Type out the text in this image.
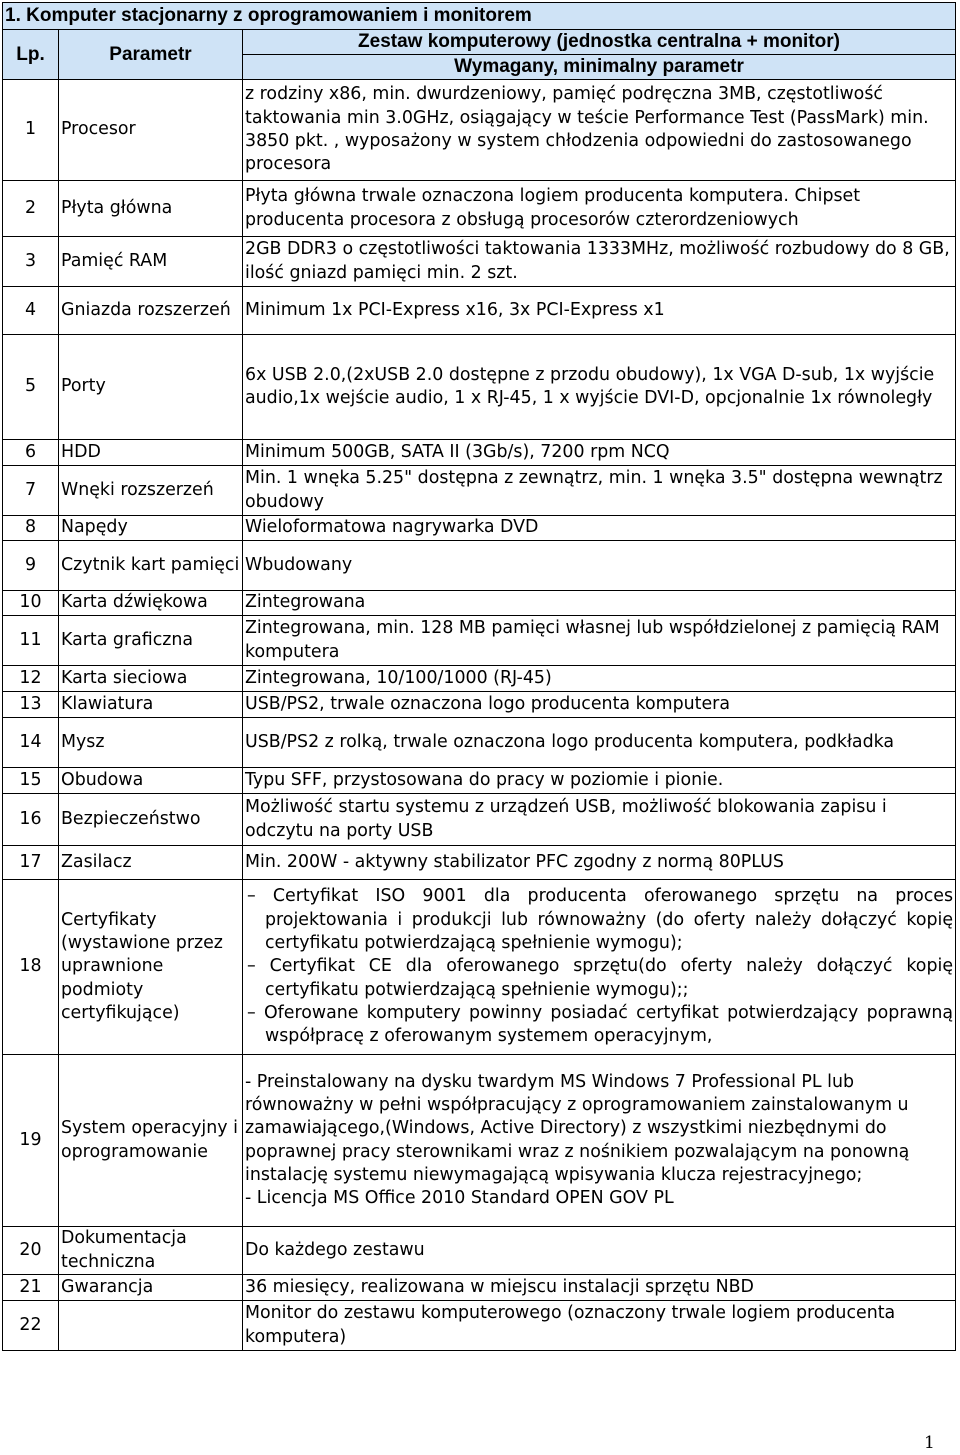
1. Komputer stacjonarny z oprogramowaniem i monitorem		
Lp.	Parametr	Zestaw komputerowy (jednostka centralna + monitor)
		Wymagany, minimalny parametr
1	Procesor	z rodziny x86, min. dwurdzeniowy, pamięć podręczna 3MB, częstotliwość taktowania min 3.0GHz, osiągający w teście Performance Test (PassMark) min. 3850 pkt. , wyposażony w system chłodzenia odpowiedni do zastosowanego procesora
2	Płyta główna	Płyta główna trwale oznaczona logiem producenta komputera. Chipset producenta procesora z obsługą procesorów czterordzeniowych
3	Pamięć RAM	2GB DDR3 o częstotliwości taktowania 1333MHz, możliwość rozbudowy do 8 GB, ilość gniazd pamięci min. 2 szt.
4	Gniazda rozszerzeń	Minimum 1x PCI-Express x16, 3x PCI-Express x1
5	Porty	6x USB 2.0,(2xUSB 2.0 dostępne z przodu obudowy), 1x VGA D-sub, 1x wyjście audio,1x wejście audio, 1 x RJ-45, 1 x wyjście DVI-D, opcjonalnie 1x równoległy
6	HDD	Minimum 500GB, SATA II (3Gb/s), 7200 rpm NCQ
7	Wnęki rozszerzeń	Min. 1 wnęka 5.25" dostępna z zewnątrz, min. 1 wnęka 3.5" dostępna wewnątrz obudowy
8	Napędy	Wieloformatowa nagrywarka DVD
9	Czytnik kart pamięci	Wbudowany
10	Karta dźwiękowa	Zintegrowana
11	Karta graficzna	Zintegrowana, min. 128 MB pamięci własnej lub współdzielonej z pamięcią RAM komputera
12	Karta sieciowa	Zintegrowana, 10/100/1000 (RJ-45)
13	Klawiatura	USB/PS2, trwale oznaczona logo producenta komputera
14	Mysz	USB/PS2 z rolką, trwale oznaczona logo producenta komputera, podkładka
15	Obudowa	Typu SFF, przystosowana do pracy w poziomie i pionie.
16	Bezpieczeństwo	Możliwość startu systemu z urządzeń USB, możliwość blokowania zapisu i odczytu na porty USB
17	Zasilacz	Min. 200W - aktywny stabilizator PFC zgodny z normą 80PLUS
18	Certyfikaty (wystawione przez uprawnione podmioty certyfikujące)	– Certyfikat ISO 9001 dla producenta oferowanego sprzętu na proces projektowania i produkcji lub równoważny (do oferty należy dołączyć kopię certyfikatu potwierdzającą spełnienie wymogu);
– Certyfikat CE dla oferowanego sprzętu(do oferty należy dołączyć kopię certyfikatu potwierdzającą spełnienie wymogu);;
– Oferowane komputery powinny posiadać certyfikat potwierdzający poprawną współpracę z oferowanym systemem operacyjnym,

19	System operacyjny i oprogramowanie	- Preinstalowany na dysku twardym MS Windows 7 Professional PL lub równoważny w pełni współpracujący z oprogramowaniem zainstalowanym u zamawiającego,(Windows, Active Directory) z wszystkimi niezbędnymi do poprawnej pracy sterownikami wraz z nośnikiem pozwalającym na ponowną instalację systemu niewymagającą wpisywania klucza rejestracyjnego;
- Licencja MS Office 2010 Standard OPEN GOV PL

20	Dokumentacja techniczna	Do każdego zestawu
21	Gwarancja	36 miesięcy, realizowana w miejscu instalacji sprzętu NBD
22		Monitor do zestawu komputerowego (oznaczony trwale logiem producenta komputera)
1
